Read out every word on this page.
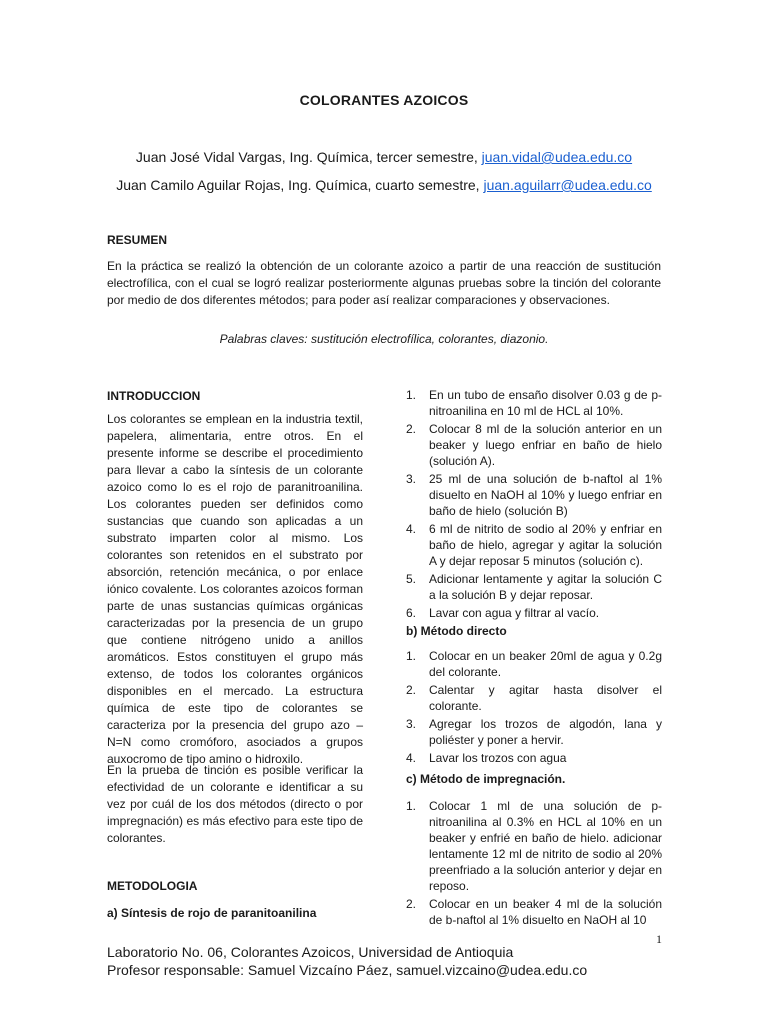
COLORANTES AZOICOS
Juan José Vidal Vargas, Ing. Química, tercer semestre, juan.vidal@udea.edu.co
Juan Camilo Aguilar Rojas, Ing. Química, cuarto semestre, juan.aguilarr@udea.edu.co
RESUMEN
En la práctica se realizó la obtención de un colorante azoico a partir de una reacción de sustitución electrofílica, con el cual se logró realizar posteriormente algunas pruebas sobre la tinción del colorante por medio de dos diferentes métodos; para poder así realizar comparaciones y observaciones.
Palabras claves: sustitución electrofílica, colorantes, diazonio.
INTRODUCCION
Los colorantes se emplean en la industria textil, papelera, alimentaria, entre otros. En el presente informe se describe el procedimiento para llevar a cabo la síntesis de un colorante azoico como lo es el rojo de paranitroanilina. Los colorantes pueden ser definidos como sustancias que cuando son aplicadas a un substrato imparten color al mismo. Los colorantes son retenidos en el substrato por absorción, retención mecánica, o por enlace iónico covalente. Los colorantes azoicos forman parte de unas sustancias químicas orgánicas caracterizadas por la presencia de un grupo que contiene nitrógeno unido a anillos aromáticos. Estos constituyen el grupo más extenso, de todos los colorantes orgánicos disponibles en el mercado. La estructura química de este tipo de colorantes se caracteriza por la presencia del grupo azo –N=N como cromóforo, asociados a grupos auxocromo de tipo amino o hidroxilo.
En la prueba de tinción es posible verificar la efectividad de un colorante e identificar a su vez por cuál de los dos métodos (directo o por impregnación) es más efectivo para este tipo de colorantes.
METODOLOGIA
a) Síntesis de rojo de paranitoanilina
1. En un tubo de ensaño disolver 0.03 g de p-nitroanilina en 10 ml de HCL al 10%.
2. Colocar 8 ml de la solución anterior en un beaker y luego enfriar en baño de hielo (solución A).
3. 25 ml de una solución de b-naftol al 1% disuelto en NaOH al 10% y luego enfriar en baño de hielo (solución B)
4. 6 ml de nitrito de sodio al 20% y enfriar en baño de hielo, agregar y agitar la solución A y dejar reposar 5 minutos (solución c).
5. Adicionar lentamente y agitar la solución C a la solución B y dejar reposar.
6. Lavar con agua y filtrar al vacío.
b) Método directo
1. Colocar en un beaker 20ml de agua y 0.2g del colorante.
2. Calentar y agitar hasta disolver el colorante.
3. Agregar los trozos de algodón, lana y poliéster y poner a hervir.
4. Lavar los trozos con agua
c) Método de impregnación.
1. Colocar 1 ml de una solución de p-nitroanilina al 0.3% en HCL al 10% en un beaker y enfrié en baño de hielo. adicionar lentamente 12 ml de nitrito de sodio al 20% preenfriado a la solución anterior y dejar en reposo.
2. Colocar en un beaker 4 ml de la solución de b-naftol al 1% disuelto en NaOH al 10
1
Laboratorio No. 06, Colorantes Azoicos, Universidad de Antioquia
Profesor responsable: Samuel Vizcaíno Páez, samuel.vizcaino@udea.edu.co
